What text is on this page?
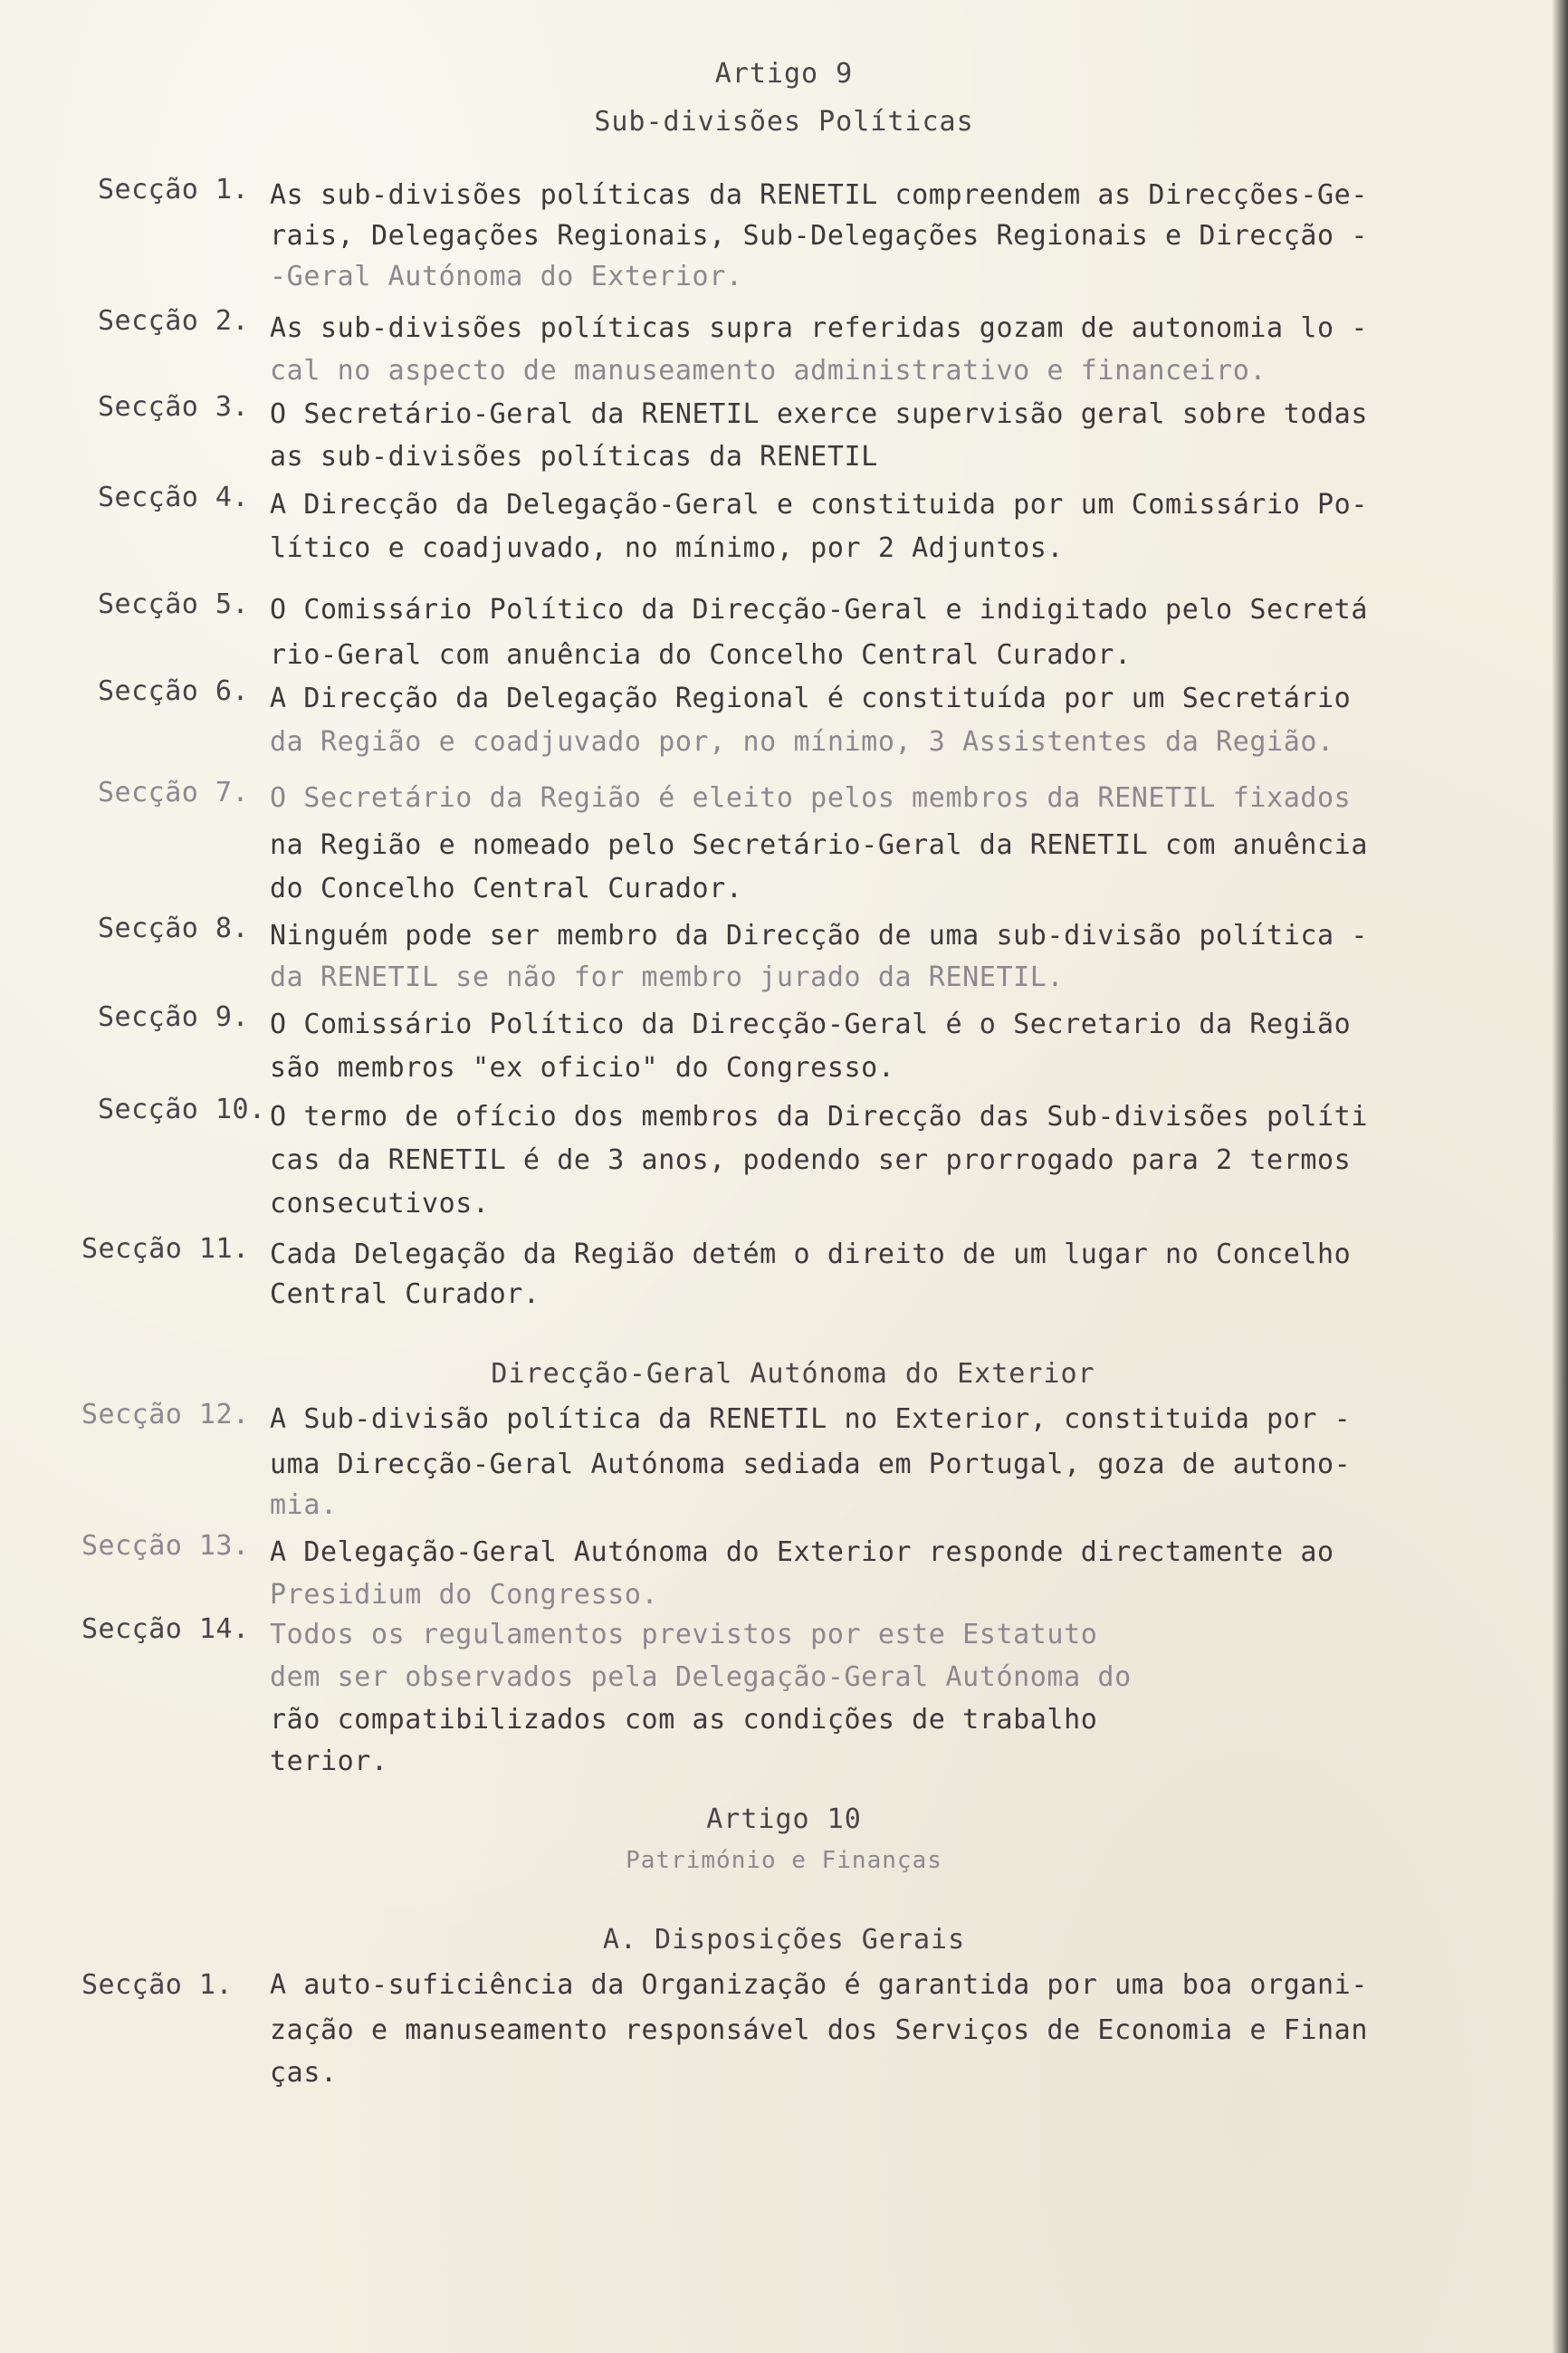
Artigo 9
Sub-divisões Políticas
Secção 1. As sub-divisões políticas da RENETIL compreendem as Direcções-Ge-
rais, Delegações Regionais, Sub-Delegações Regionais e Direcção -
-Geral Autónoma do Exterior.
Secção 2. As sub-divisões políticas supra referidas gozam de autonomia lo -
cal no aspecto de manuseamento administrativo e financeiro.
Secção 3. O Secretário-Geral da RENETIL exerce supervisão geral sobre todas
as sub-divisões políticas da RENETIL
Secção 4. A Direcção da Delegação-Geral e constituida por um Comissário Po-
lítico e coadjuvado, no mínimo, por 2 Adjuntos.
Secção 5. O Comissário Político da Direcção-Geral e indigitado pelo Secretá
rio-Geral com anuência do Concelho Central Curador.
Secção 6. A Direcção da Delegação Regional é constituída por um Secretário
da Região e coadjuvado por, no mínimo, 3 Assistentes da Região.
Secção 7. O Secretário da Região é eleito pelos membros da RENETIL fixados
na Região e nomeado pelo Secretário-Geral da RENETIL com anuência
do Concelho Central Curador.
Secção 8. Ninguém pode ser membro da Direcção de uma sub-divisão política -
da RENETIL se não for membro jurado da RENETIL.
Secção 9. O Comissário Político da Direcção-Geral é o Secretario da Região
são membros "ex oficio" do Congresso.
Secção 10. O termo de ofício dos membros da Direcção das Sub-divisões políti
cas da RENETIL é de 3 anos, podendo ser prorrogado para 2 termos
consecutivos.
Secção 11. Cada Delegação da Região detém o direito de um lugar no Concelho
Central Curador.
Direcção-Geral Autónoma do Exterior
Secção 12. A Sub-divisão política da RENETIL no Exterior, constituida por -
uma Direcção-Geral Autónoma sediada em Portugal, goza de autono-
mia.
Secção 13. A Delegação-Geral Autónoma do Exterior responde directamente ao
Presidium do Congresso.
Secção 14. Todos os regulamentos previstos por este Estatuto
dem ser observados pela Delegação-Geral Autónoma do
rão compatibilizados com as condições de trabalho
terior.
Artigo 10
Património e Finanças
A. Disposições Gerais
Secção 1. A auto-suficiência da Organização é garantida por uma boa organi-
zação e manuseamento responsável dos Serviços de Economia e Finan
ças.
